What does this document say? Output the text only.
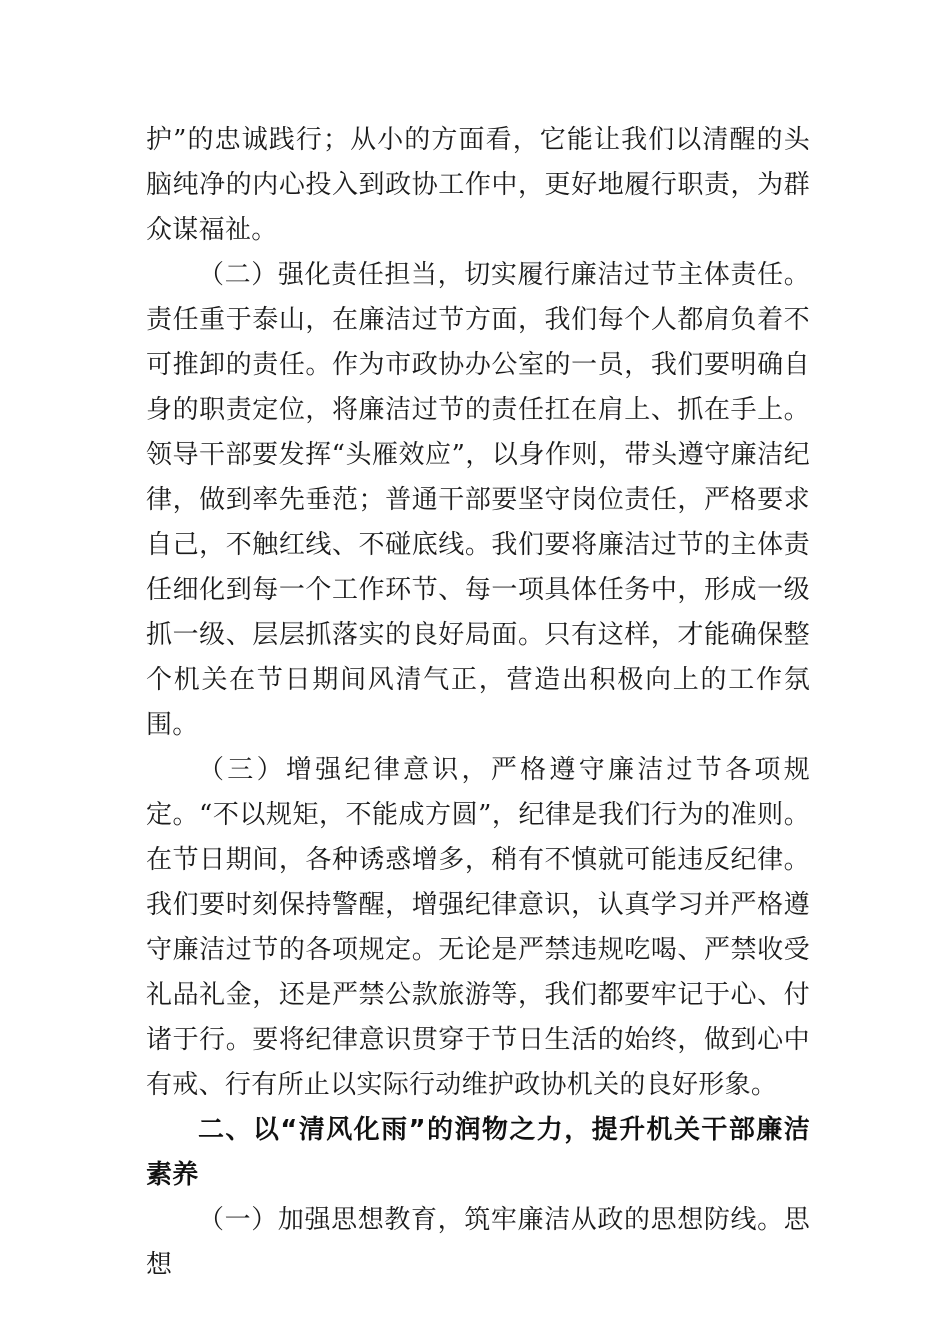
护”的忠诚践行；从小的方面看，它能让我们以清醒的头脑纯净的内心投入到政协工作中，更好地履行职责，为群众谋福祉。

（二）强化责任担当，切实履行廉洁过节主体责任。责任重于泰山，在廉洁过节方面，我们每个人都肩负着不可推卸的责任。作为市政协办公室的一员，我们要明确自身的职责定位，将廉洁过节的责任扛在肩上、抓在手上。领导干部要发挥“头雁效应”，以身作则，带头遵守廉洁纪律，做到率先垂范；普通干部要坚守岗位责任，严格要求自己，不触红线、不碰底线。我们要将廉洁过节的主体责任细化到每一个工作环节、每一项具体任务中，形成一级抓一级、层层抓落实的良好局面。只有这样，才能确保整个机关在节日期间风清气正，营造出积极向上的工作氛围。

（三）增强纪律意识，严格遵守廉洁过节各项规定。“不以规矩，不能成方圆”，纪律是我们行为的准则。在节日期间，各种诱惑增多，稍有不慎就可能违反纪律。我们要时刻保持警醒，增强纪律意识，认真学习并严格遵守廉洁过节的各项规定。无论是严禁违规吃喝、严禁收受礼品礼金，还是严禁公款旅游等，我们都要牢记于心、付诸于行。要将纪律意识贯穿于节日生活的始终，做到心中有戒、行有所止以实际行动维护政协机关的良好形象。

二、以“清风化雨”的润物之力，提升机关干部廉洁素养

（一）加强思想教育，筑牢廉洁从政的思想防线。思想
